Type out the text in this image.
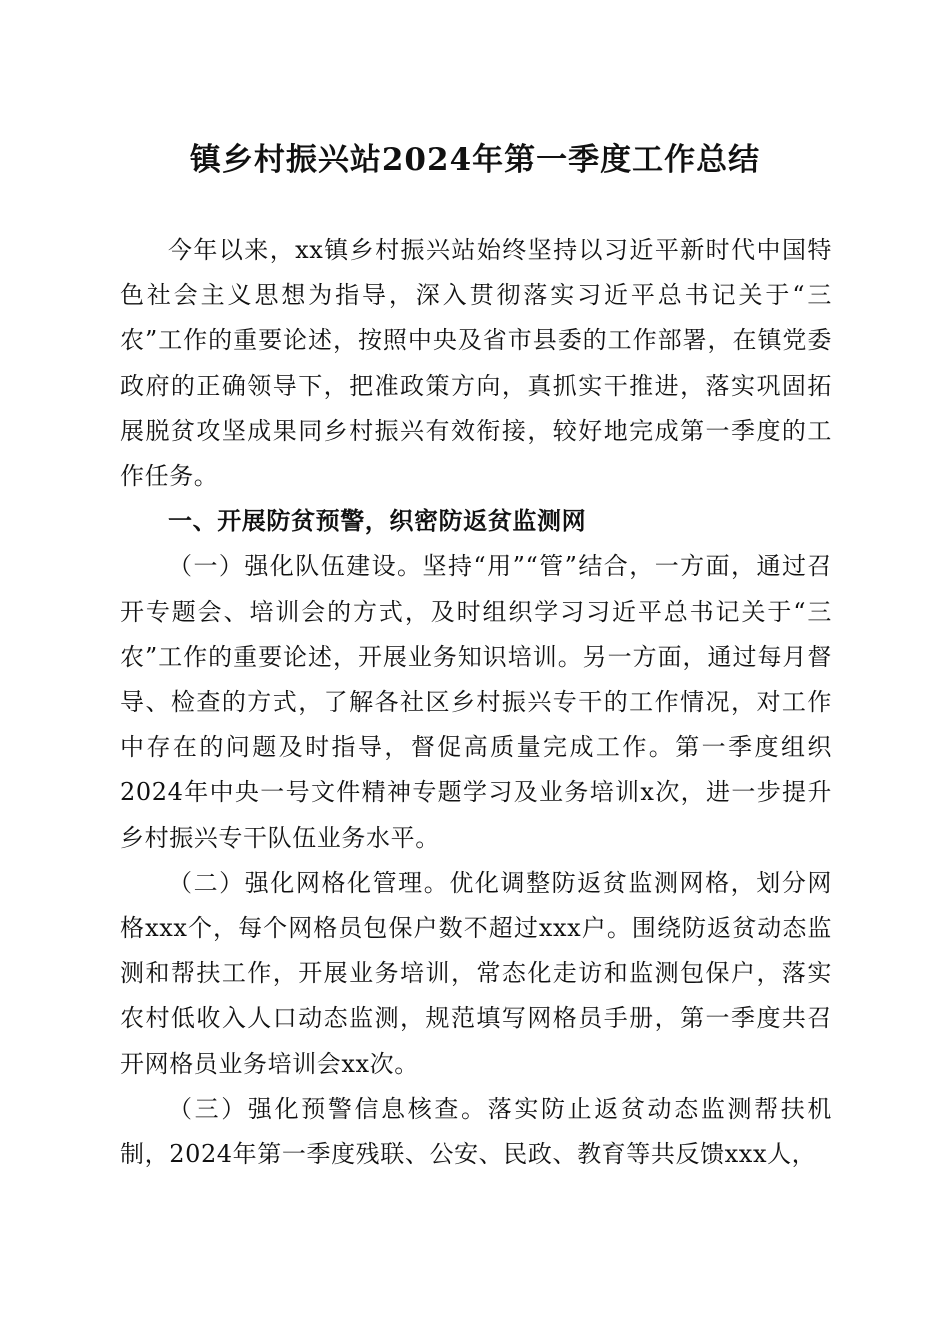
镇乡村振兴站2024年第一季度工作总结

今年以来，xx镇乡村振兴站始终坚持以习近平新时代中国特色社会主义思想为指导，深入贯彻落实习近平总书记关于“三农”工作的重要论述，按照中央及省市县委的工作部署，在镇党委政府的正确领导下，把准政策方向，真抓实干推进，落实巩固拓展脱贫攻坚成果同乡村振兴有效衔接，较好地完成第一季度的工作任务。

一、开展防贫预警，织密防返贫监测网

（一）强化队伍建设。坚持“用”“管”结合，一方面，通过召开专题会、培训会的方式，及时组织学习习近平总书记关于“三农”工作的重要论述，开展业务知识培训。另一方面，通过每月督导、检查的方式，了解各社区乡村振兴专干的工作情况，对工作中存在的问题及时指导，督促高质量完成工作。第一季度组织2024年中央一号文件精神专题学习及业务培训x次，进一步提升乡村振兴专干队伍业务水平。

（二）强化网格化管理。优化调整防返贫监测网格，划分网格xxx个，每个网格员包保户数不超过xxx户。围绕防返贫动态监测和帮扶工作，开展业务培训，常态化走访和监测包保户，落实农村低收入人口动态监测，规范填写网格员手册，第一季度共召开网格员业务培训会xx次。

（三）强化预警信息核查。落实防止返贫动态监测帮扶机制，2024年第一季度残联、公安、民政、教育等共反馈xxx人，
